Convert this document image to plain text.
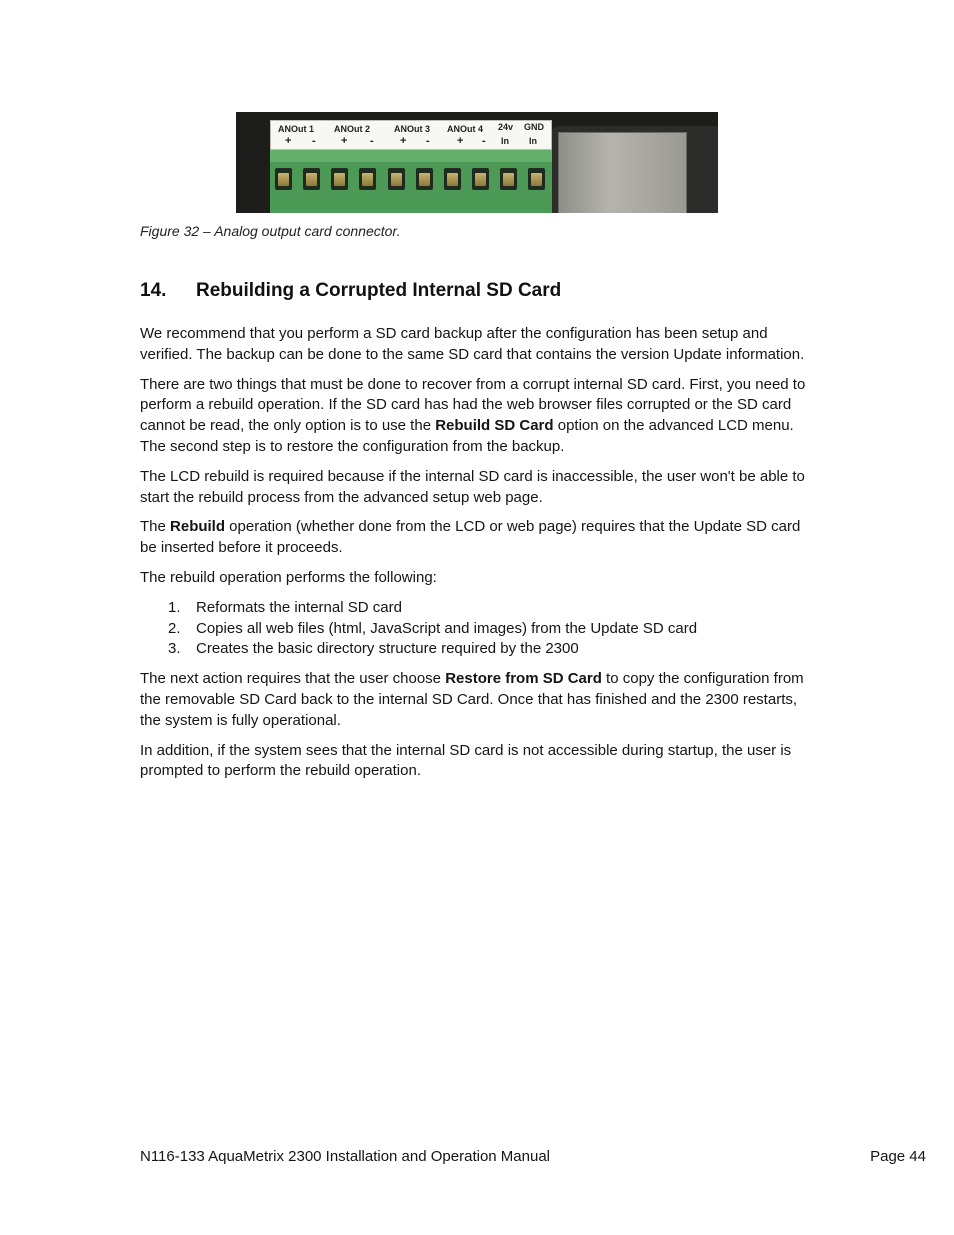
ANOut 1
+ -
ANOut 2
+ -
ANOut 3
+ -
ANOut 4
+ -
24v
In
GND
In
Figure 32 – Analog output card connector.
14. Rebuilding a Corrupted Internal SD Card

We recommend that you perform a SD card backup after the configuration has been setup and verified. The backup can be done to the same SD card that contains the version Update information.

There are two things that must be done to recover from a corrupt internal SD card. First, you need to perform a rebuild operation. If the SD card has had the web browser files corrupted or the SD card cannot be read, the only option is to use the Rebuild SD Card option on the advanced LCD menu. The second step is to restore the configuration from the backup.

The LCD rebuild is required because if the internal SD card is inaccessible, the user won't be able to start the rebuild process from the advanced setup web page.

The Rebuild operation (whether done from the LCD or web page) requires that the Update SD card be inserted before it proceeds.

The rebuild operation performs the following:

1. Reformats the internal SD card
2. Copies all web files (html, JavaScript and images) from the Update SD card
3. Creates the basic directory structure required by the 2300

The next action requires that the user choose Restore from SD Card to copy the configuration from the removable SD Card back to the internal SD Card. Once that has finished and the 2300 restarts, the system is fully operational.

In addition, if the system sees that the internal SD card is not accessible during startup, the user is prompted to perform the rebuild operation.

N116-133 AquaMetrix 2300 Installation and Operation Manual	Page 44
